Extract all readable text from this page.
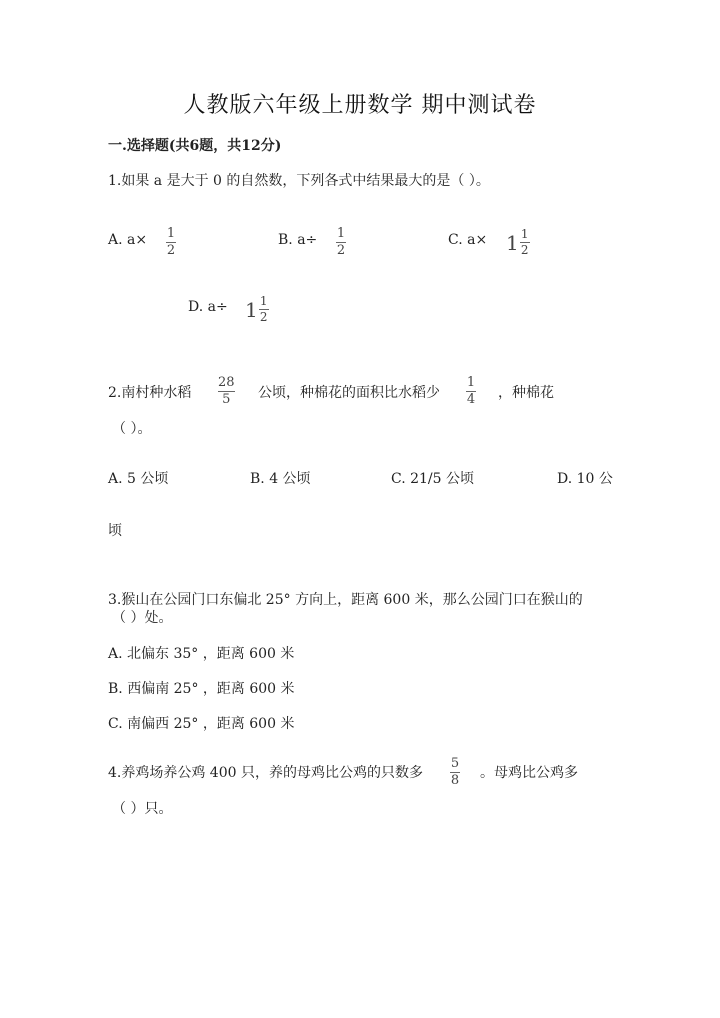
人教版六年级上册数学 期中测试卷
一.选择题(共6题，共12分)
1.如果 a 是大于 0 的自然数，下列各式中结果最大的是（ ）。
A. a× 1
2
B. a÷ 1
2
C. $a\times 1 \frac{1}{2}$
D. $a\div 1 \frac{1}{2}$
2.南村种水稻
28
5 公顷，种棉花的面积比水稻少
1
4 ，种棉花
（ ）。
A. 5 公顷	B. 4 公顷	C. 21/5 公顷	D. 10 公
顷
3.猴山在公园门口东偏北 25° 方向上，距离 600 米，那么公园门口在猴山的
（ ）处。
A. 北偏东 35° ，距离 600 米
B. 西偏南 25° ，距离 600 米
C. 南偏西 25° ，距离 600 米
4.养鸡场养公鸡 400 只，养的母鸡比公鸡的只数多
5
8 。母鸡比公鸡多
（ ）只。
